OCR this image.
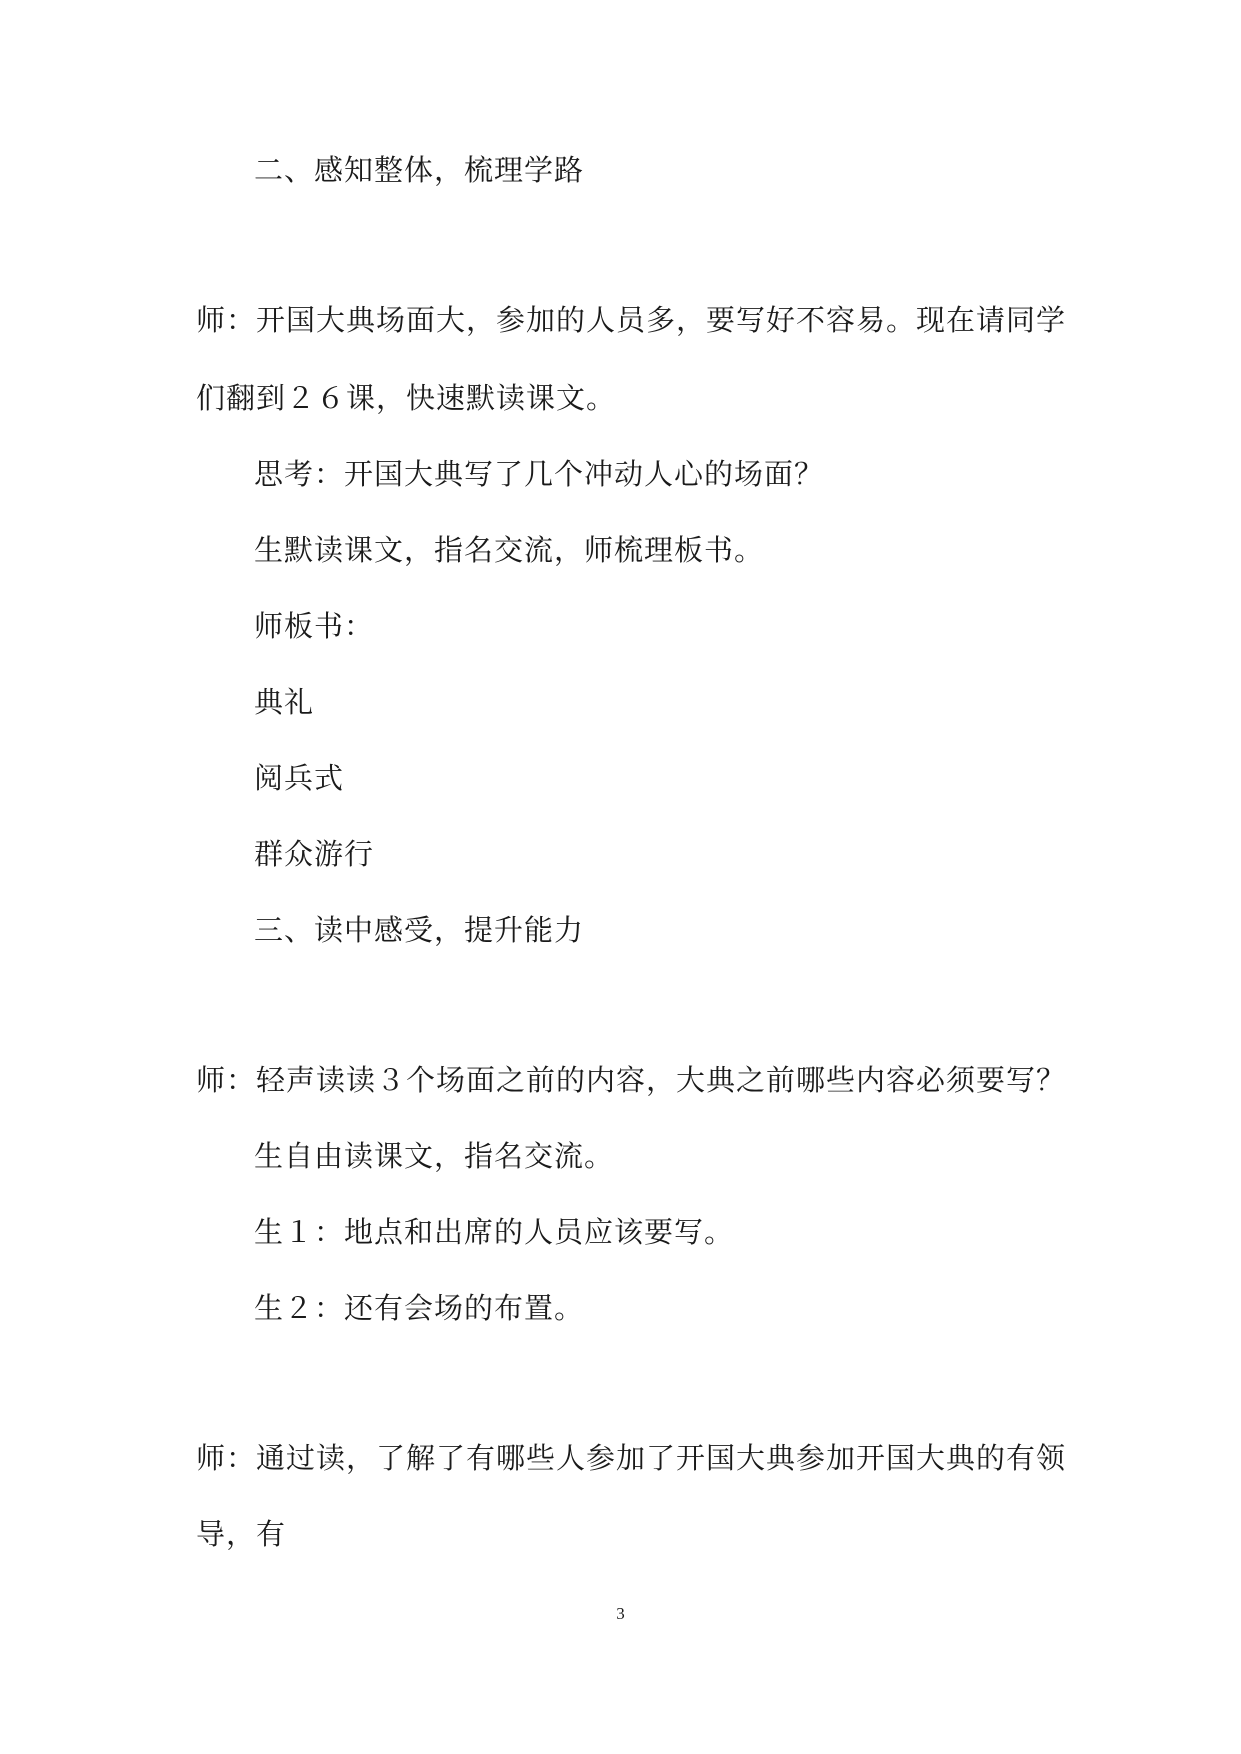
二、感知整体，梳理学路
师：开国大典场面大，参加的人员多，要写好不容易。现在请同学
们翻到２６课，快速默读课文。
思考：开国大典写了几个冲动人心的场面？
生默读课文，指名交流，师梳理板书。
师板书：
典礼
阅兵式
群众游行
三、读中感受，提升能力
师：轻声读读３个场面之前的内容，大典之前哪些内容必须要写？
生自由读课文，指名交流。
生１：地点和出席的人员应该要写。
生２：还有会场的布置。
师：通过读，了解了有哪些人参加了开国大典参加开国大典的有领
导，有
3
